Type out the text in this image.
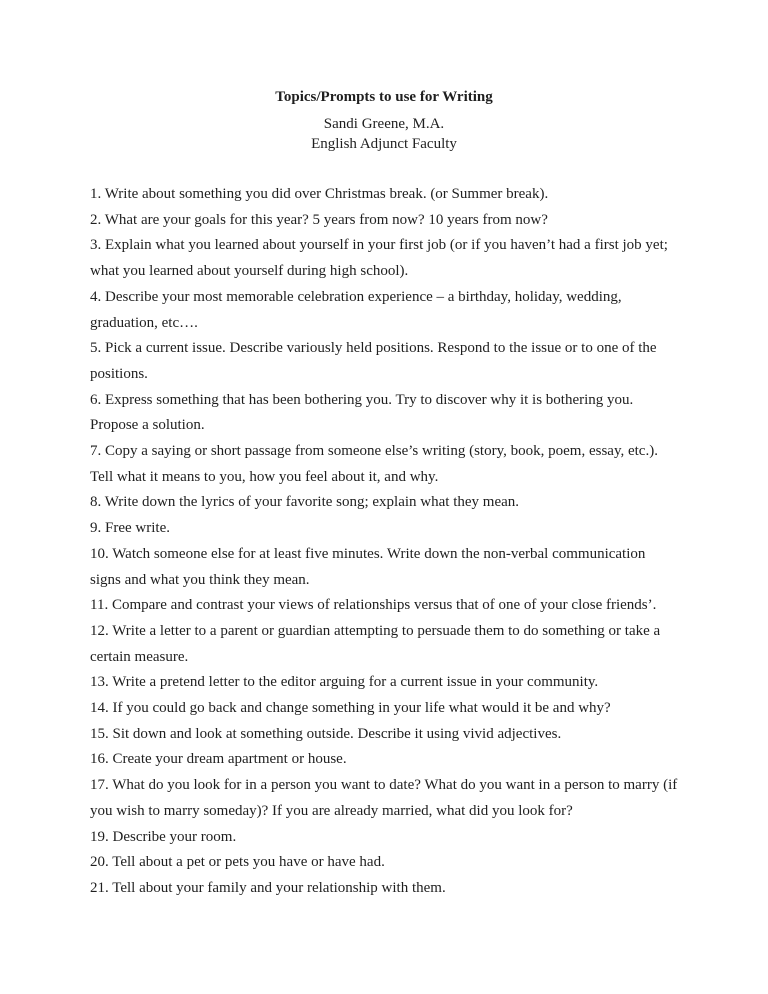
Topics/Prompts to use for Writing

Sandi Greene, M.A.

English Adjunct Faculty

1. Write about something you did over Christmas break. (or Summer break).

2. What are your goals for this year? 5 years from now? 10 years from now?

3. Explain what you learned about yourself in your first job (or if you haven’t had a first job yet; what you learned about yourself during high school).

4. Describe your most memorable celebration experience – a birthday, holiday, wedding, graduation, etc….

5. Pick a current issue. Describe variously held positions. Respond to the issue or to one of the positions.

6. Express something that has been bothering you. Try to discover why it is bothering you. Propose a solution.

7. Copy a saying or short passage from someone else’s writing (story, book, poem, essay, etc.). Tell what it means to you, how you feel about it, and why.

8. Write down the lyrics of your favorite song; explain what they mean.

9. Free write.

10. Watch someone else for at least five minutes. Write down the non-verbal communication signs and what you think they mean.

11. Compare and contrast your views of relationships versus that of one of your close friends’.

12. Write a letter to a parent or guardian attempting to persuade them to do something or take a certain measure.

13. Write a pretend letter to the editor arguing for a current issue in your community.

14. If you could go back and change something in your life what would it be and why?

15. Sit down and look at something outside. Describe it using vivid adjectives.

16. Create your dream apartment or house.

17. What do you look for in a person you want to date? What do you want in a person to marry (if you wish to marry someday)? If you are already married, what did you look for?

19. Describe your room.

20. Tell about a pet or pets you have or have had.

21. Tell about your family and your relationship with them.
